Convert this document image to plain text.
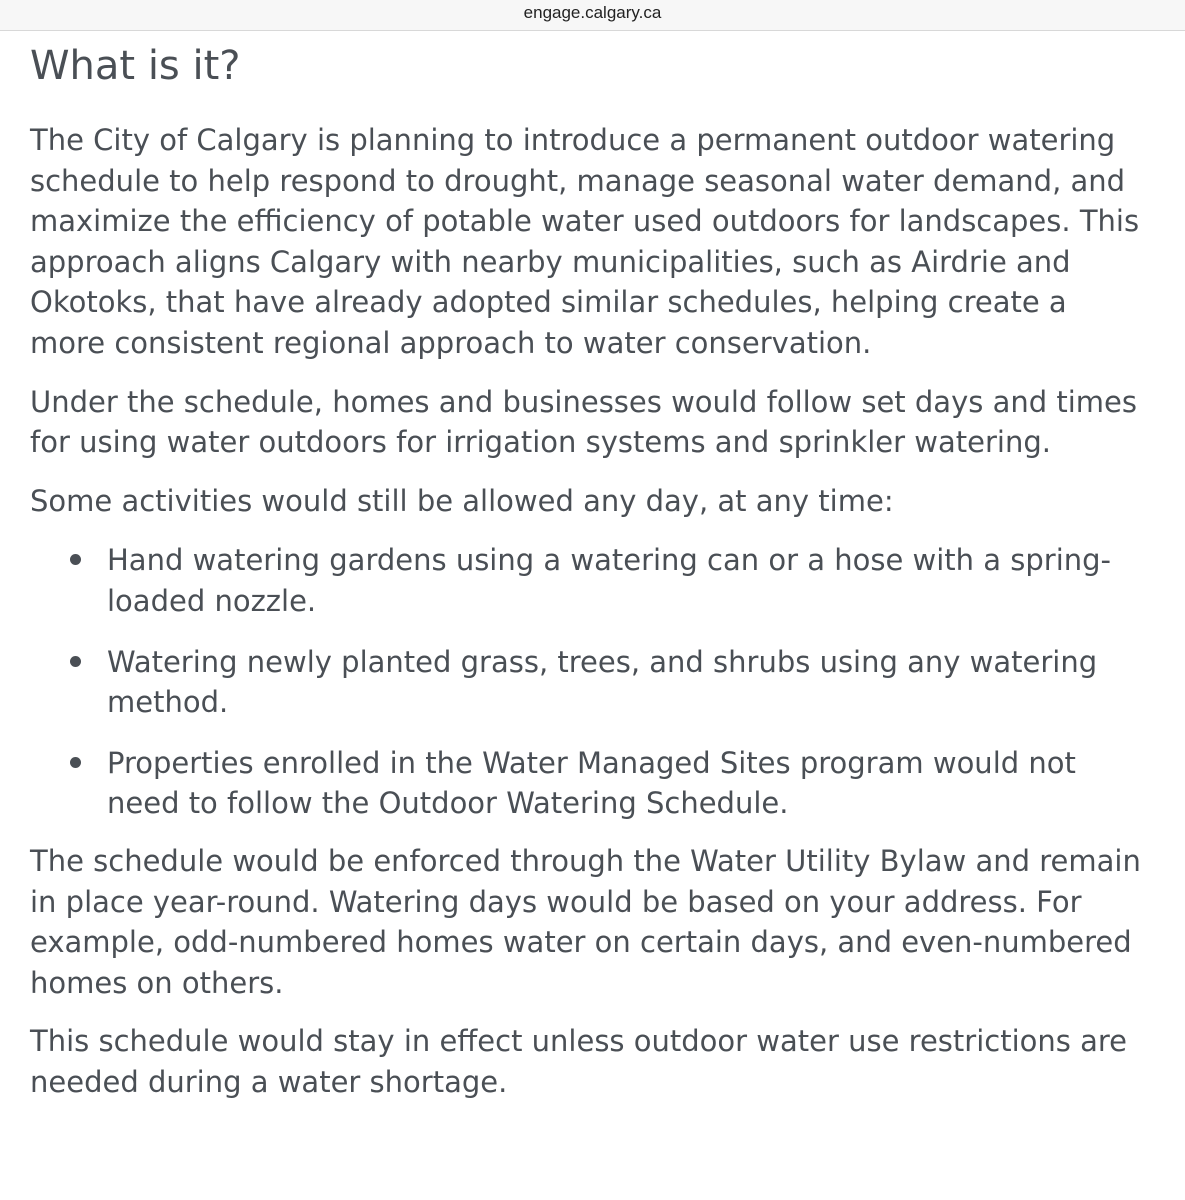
engage.calgary.ca
What is it?

The City of Calgary is planning to introduce a permanent outdoor watering schedule to help respond to drought, manage seasonal water demand, and maximize the efficiency of potable water used outdoors for landscapes. This approach aligns Calgary with nearby municipalities, such as Airdrie and Okotoks, that have already adopted similar schedules, helping create a more consistent regional approach to water conservation.

Under the schedule, homes and businesses would follow set days and times for using water outdoors for irrigation systems and sprinkler watering.

Some activities would still be allowed any day, at any time:

Hand watering gardens using a watering can or a hose with a spring-loaded nozzle.
Watering newly planted grass, trees, and shrubs using any watering method.
Properties enrolled in the Water Managed Sites program would not need to follow the Outdoor Watering Schedule.

The schedule would be enforced through the Water Utility Bylaw and remain in place year-round. Watering days would be based on your address. For example, odd-numbered homes water on certain days, and even-numbered homes on others.

This schedule would stay in effect unless outdoor water use restrictions are needed during a water shortage.
